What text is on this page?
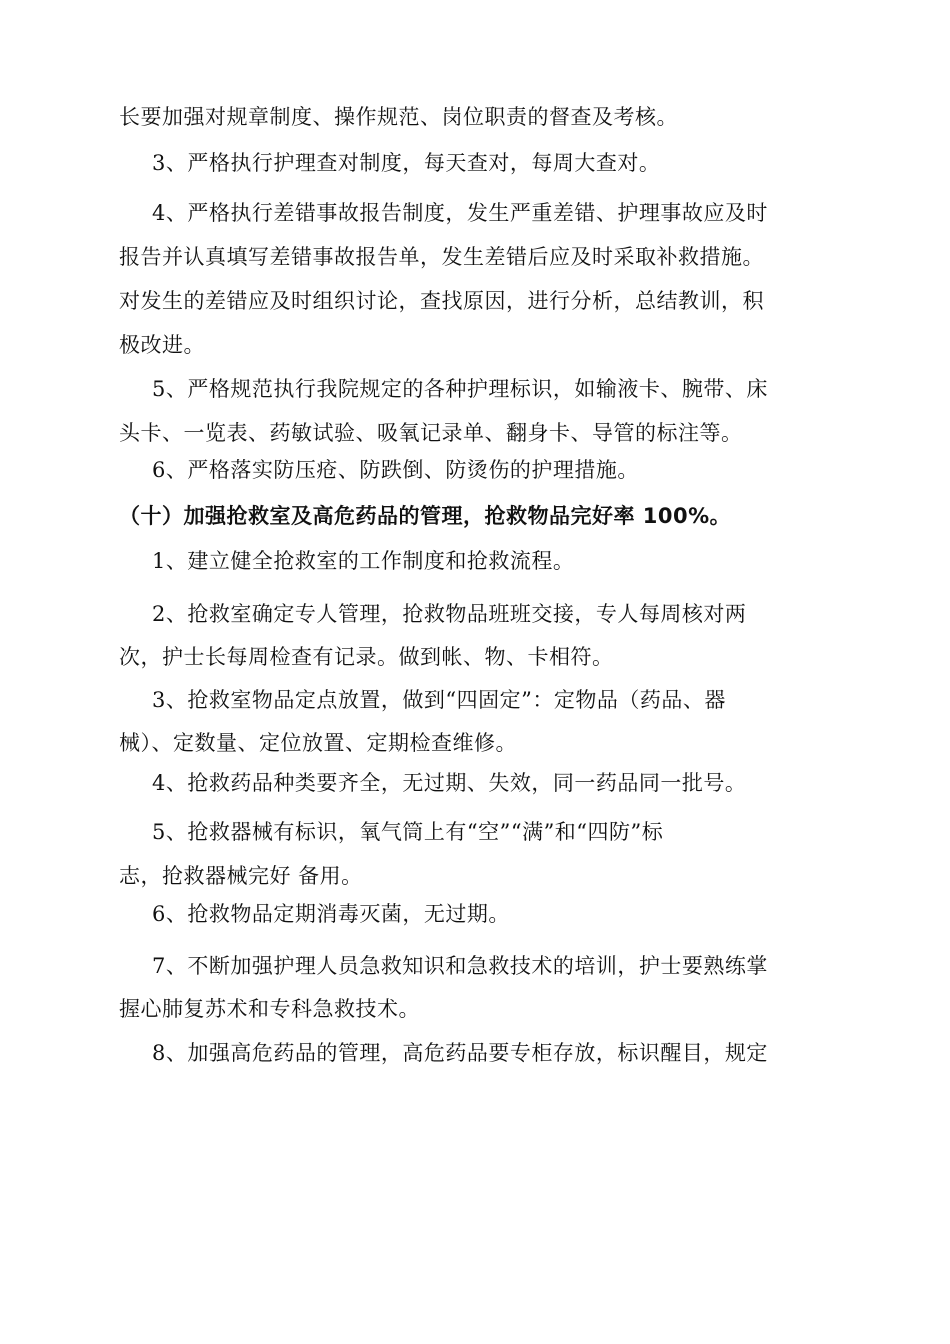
长要加强对规章制度、操作规范、岗位职责的督查及考核。
3、严格执行护理查对制度，每天查对，每周大查对。
4、严格执行差错事故报告制度，发生严重差错、护理事故应及时
报告并认真填写差错事故报告单，发生差错后应及时采取补救措施。
对发生的差错应及时组织讨论，查找原因，进行分析，总结教训，积
极改进。
5、严格规范执行我院规定的各种护理标识，如输液卡、腕带、床
头卡、一览表、药敏试验、吸氧记录单、翻身卡、导管的标注等。
6、严格落实防压疮、防跌倒、防烫伤的护理措施。
（十）加强抢救室及高危药品的管理，抢救物品完好率 100%。
1、建立健全抢救室的工作制度和抢救流程。
2、抢救室确定专人管理，抢救物品班班交接，专人每周核对两
次，护士长每周检查有记录。做到帐、物、卡相符。
3、抢救室物品定点放置，做到“四固定”：定物品（药品、器
械）、定数量、定位放置、定期检查维修。
4、抢救药品种类要齐全，无过期、失效，同一药品同一批号。
5、抢救器械有标识，氧气筒上有“空”“满”和“四防”标
志，抢救器械完好 备用。
6、抢救物品定期消毒灭菌，无过期。
7、不断加强护理人员急救知识和急救技术的培训，护士要熟练掌
握心肺复苏术和专科急救技术。
8、加强高危药品的管理，高危药品要专柜存放，标识醒目，规定
